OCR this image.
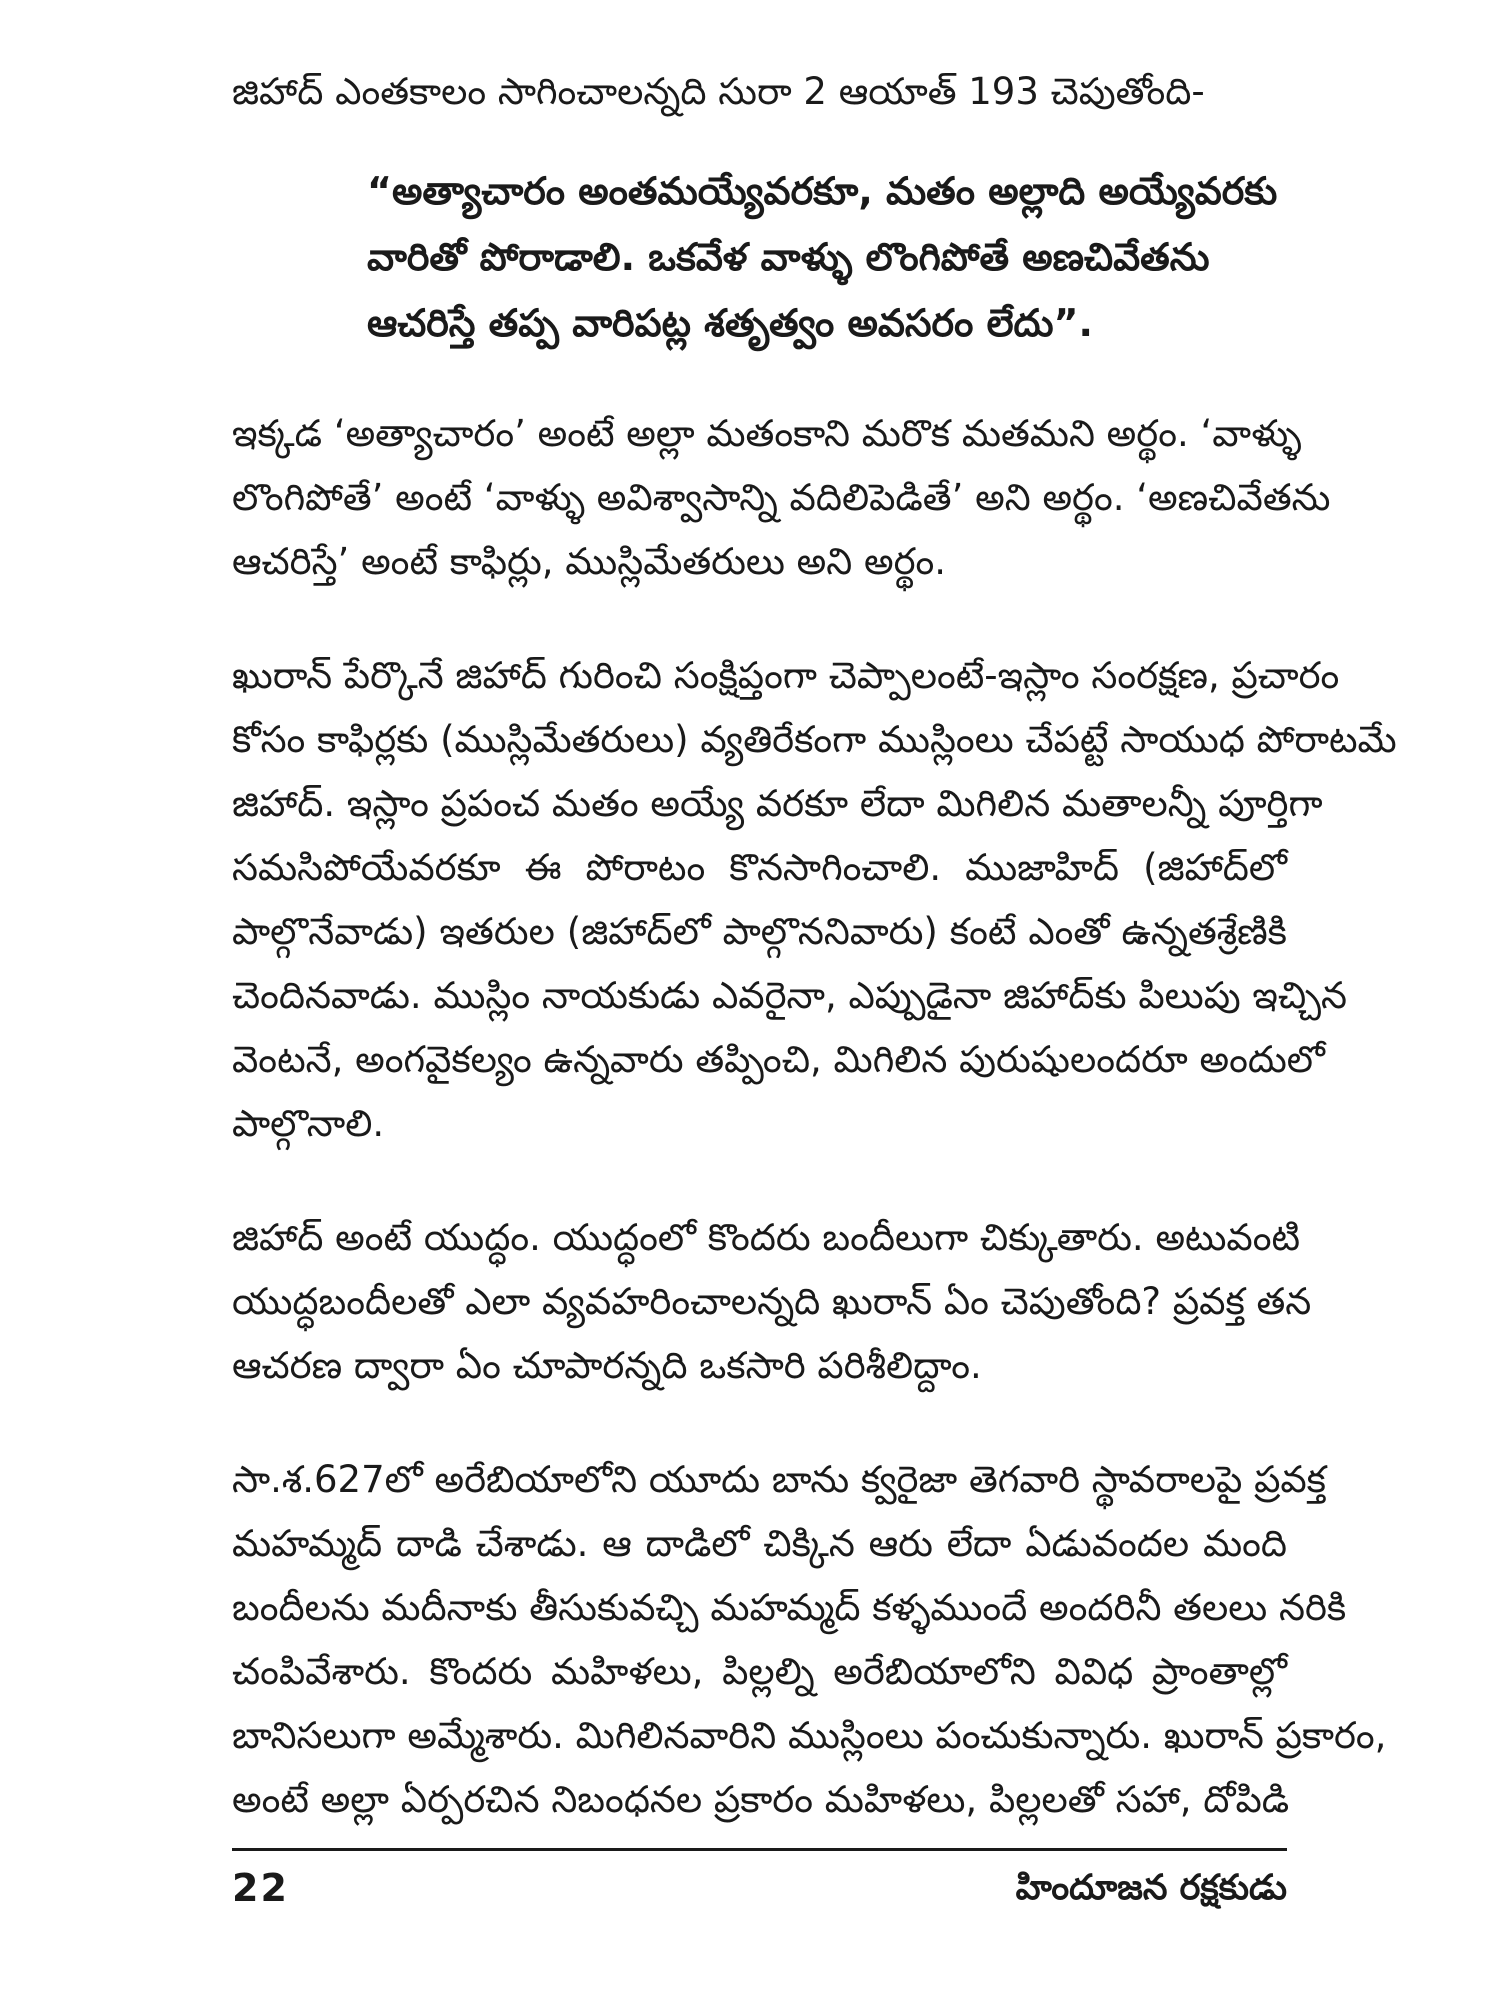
జిహాద్ ఎంతకాలం సాగించాలన్నది సురా 2 ఆయాత్ 193 చెపుతోంది-
“అత్యాచారం అంతమయ్యేవరకూ, మతం అల్లాది అయ్యేవరకు
వారితో పోరాడాలి. ఒకవేళ వాళ్ళు లొంగిపోతే అణచివేతను
ఆచరిస్తే తప్ప వారిపట్ల శతృత్వం అవసరం లేదు”.
ఇక్కడ ‘అత్యాచారం’ అంటే అల్లా మతంకాని మరొక మతమని అర్థం. ‘వాళ్ళు
లొంగిపోతే’ అంటే ‘వాళ్ళు అవిశ్వాసాన్ని వదిలిపెడితే’ అని అర్థం. ‘అణచివేతను
ఆచరిస్తే’ అంటే కాఫిర్లు, ముస్లిమేతరులు అని అర్థం.
ఖురాన్ పేర్కొనే జిహాద్ గురించి సంక్షిప్తంగా చెప్పాలంటే-ఇస్లాం సంరక్షణ, ప్రచారం
కోసం కాఫిర్లకు (ముస్లిమేతరులు) వ్యతిరేకంగా ముస్లింలు చేపట్టే సాయుధ పోరాటమే
జిహాద్. ఇస్లాం ప్రపంచ మతం అయ్యే వరకూ లేదా మిగిలిన మతాలన్నీ పూర్తిగా
సమసిపోయేవరకూ ఈ పోరాటం కొనసాగించాలి. ముజాహిద్ (జిహాద్‌లో
పాల్గొనేవాడు) ఇతరుల (జిహాద్‌లో పాల్గొననివారు) కంటే ఎంతో ఉన్నతశ్రేణికి
చెందినవాడు. ముస్లిం నాయకుడు ఎవరైనా, ఎప్పుడైనా జిహాద్‌కు పిలుపు ఇచ్చిన
వెంటనే, అంగవైకల్యం ఉన్నవారు తప్పించి, మిగిలిన పురుషులందరూ అందులో
పాల్గొనాలి.
జిహాద్ అంటే యుద్ధం. యుద్ధంలో కొందరు బందీలుగా చిక్కుతారు. అటువంటి
యుద్ధబందీలతో ఎలా వ్యవహరించాలన్నది ఖురాన్ ఏం చెపుతోంది? ప్రవక్త తన
ఆచరణ ద్వారా ఏం చూపారన్నది ఒకసారి పరిశీలిద్దాం.
సా.శ.627లో అరేబియాలోని యూదు బాను క్వరైజా తెగవారి స్థావరాలపై ప్రవక్త
మహమ్మద్ దాడి చేశాడు. ఆ దాడిలో చిక్కిన ఆరు లేదా ఏడువందల మంది
బందీలను మదీనాకు తీసుకువచ్చి మహమ్మద్ కళ్ళముందే అందరినీ తలలు నరికి
చంపివేశారు. కొందరు మహిళలు, పిల్లల్ని అరేబియాలోని వివిధ ప్రాంతాల్లో
బానిసలుగా అమ్మేశారు. మిగిలినవారిని ముస్లింలు పంచుకున్నారు. ఖురాన్ ప్రకారం,
అంటే అల్లా ఏర్పరచిన నిబంధనల ప్రకారం మహిళలు, పిల్లలతో సహా, దోపిడి
22	హిందూజన రక్షకుడు
